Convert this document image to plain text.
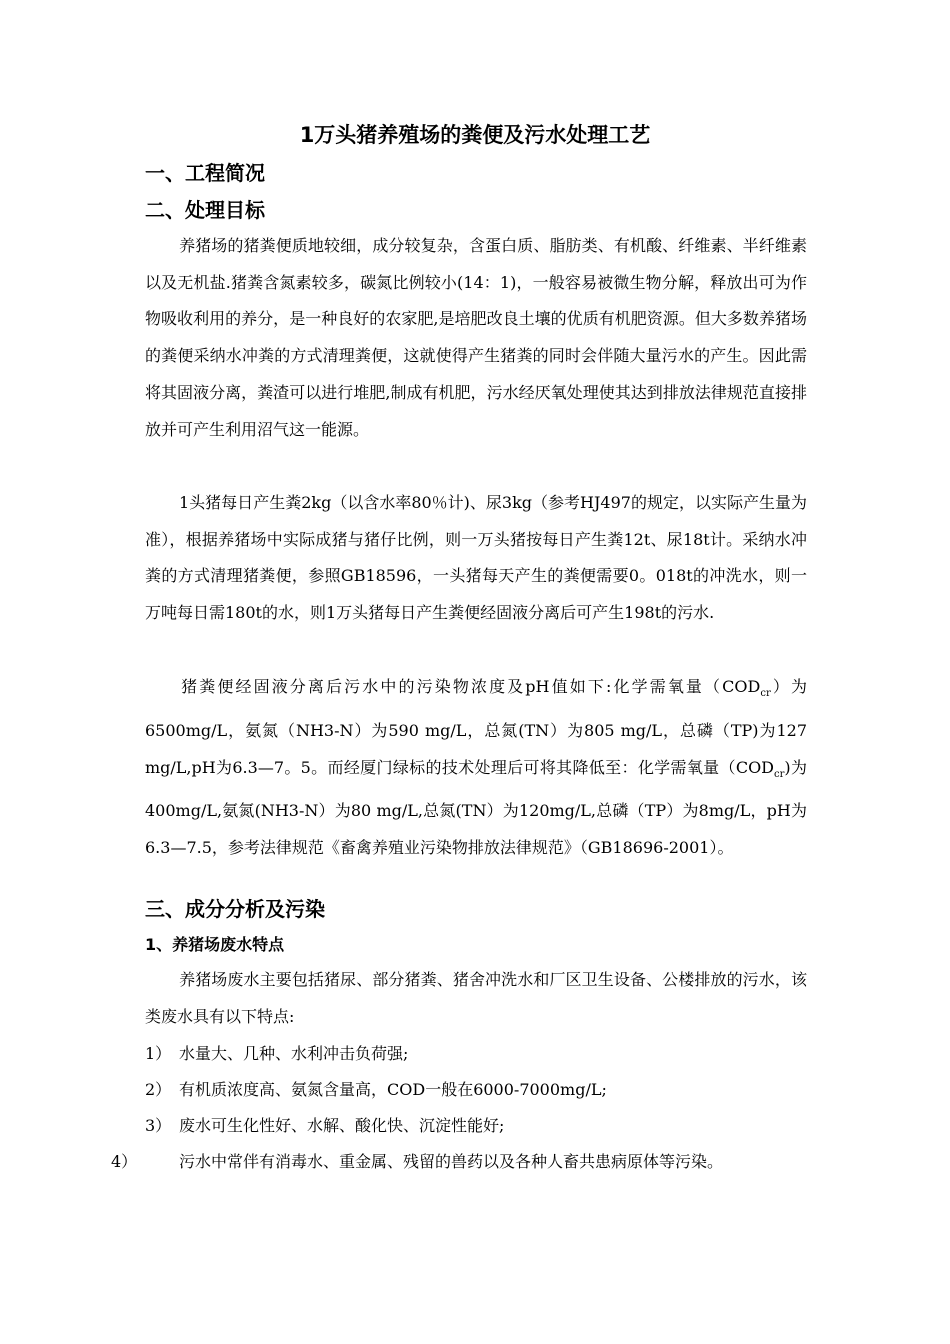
1万头猪养殖场的粪便及污水处理工艺
一、工程简况
二、处理目标

养猪场的猪粪便质地较细，成分较复杂，含蛋白质、脂肪类、有机酸、纤维素、半纤维素以及无机盐.猪粪含氮素较多，碳氮比例较小(14：1)，一般容易被微生物分解，释放出可为作物吸收利用的养分，是一种良好的农家肥,是培肥改良土壤的优质有机肥资源。但大多数养猪场的粪便采纳水冲粪的方式清理粪便，这就使得产生猪粪的同时会伴随大量污水的产生。因此需将其固液分离，粪渣可以进行堆肥,制成有机肥，污水经厌氧处理使其达到排放法律规范直接排放并可产生利用沼气这一能源。

1头猪每日产生粪2kg（以含水率80％计)、尿3kg（参考HJ497的规定，以实际产生量为准），根据养猪场中实际成猪与猪仔比例，则一万头猪按每日产生粪12t、尿18t计。采纳水冲粪的方式清理猪粪便，参照GB18596，一头猪每天产生的粪便需要0。018t的冲洗水，则一万吨每日需180t的水，则1万头猪每日产生粪便经固液分离后可产生198t的污水.

猪粪便经固液分离后污水中的污染物浓度及pH值如下:化学需氧量$(COD_{cr})$为6500mg/L，氨氮（NH3-N）为590 mg/L，总氮(TN）为805 mg/L，总磷（TP)为127 mg/L,pH为6.3—7。5。而经厦门绿标的技术处理后可将其降低至：化学需氧量$(COD_{cr})$为400mg/L,氨氮(NH3-N）为80 mg/L,总氮(TN）为120mg/L,总磷（TP）为8mg/L，pH为6.3—7.5，参考法律规范《畜禽养殖业污染物排放法律规范》（GB18696-2001）。

三、成分分析及污染
1、养猪场废水特点

养猪场废水主要包括猪尿、部分猪粪、猪舍冲洗水和厂区卫生设备、公楼排放的污水，该类废水具有以下特点:

1） 水量大、几种、水利冲击负荷强;

2） 有机质浓度高、氨氮含量高，COD一般在6000-7000mg/L;

3） 废水可生化性好、水解、酸化快、沉淀性能好;

4）	污水中常伴有消毒水、重金属、残留的兽药以及各种人畜共患病原体等污染。
